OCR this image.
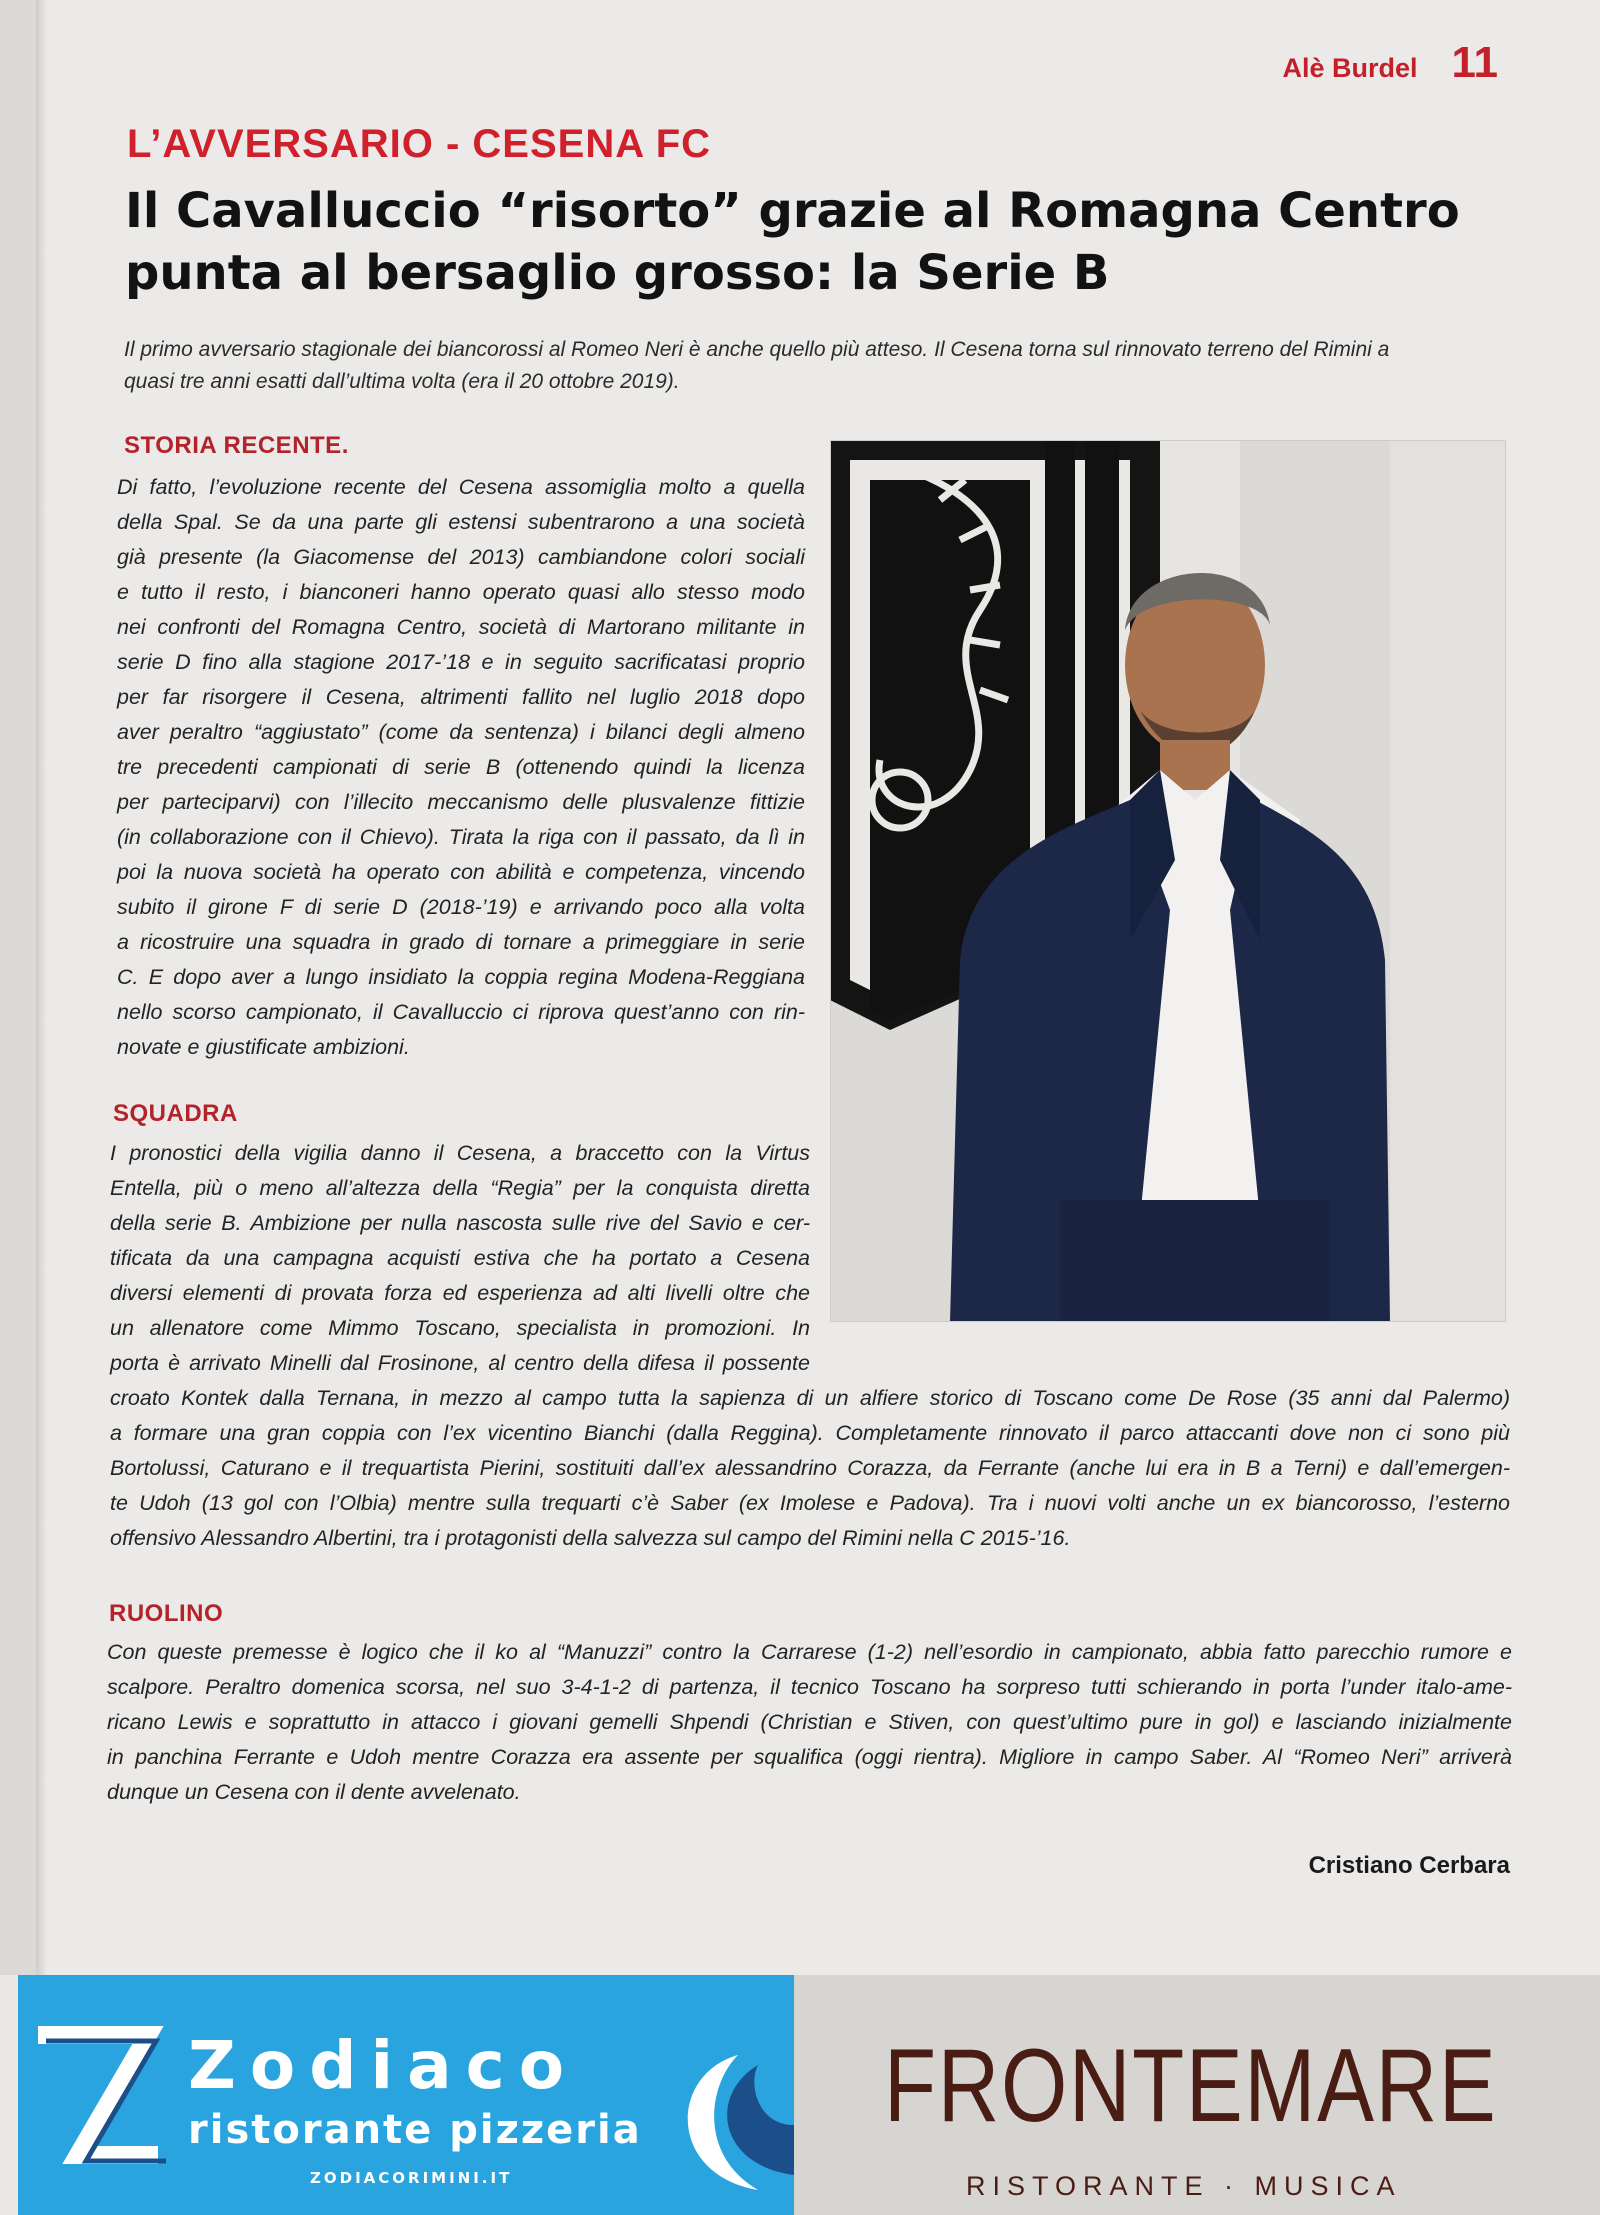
Alè Burdel 11
L’AVVERSARIO - CESENA FC
Il Cavalluccio “risorto” grazie al Romagna Centro
punta al bersaglio grosso: la Serie B
Il primo avversario stagionale dei biancorossi al Romeo Neri è anche quello più atteso. Il Cesena torna sul rinnovato terreno del Rimini a
quasi tre anni esatti dall’ultima volta (era il 20 ottobre 2019).
STORIA RECENTE.
Di fatto, l’evoluzione recente del Cesena assomiglia molto a quella
della Spal. Se da una parte gli estensi subentrarono a una società
già presente (la Giacomense del 2013) cambiandone colori sociali
e tutto il resto, i bianconeri hanno operato quasi allo stesso modo
nei confronti del Romagna Centro, società di Martorano militante in
serie D fino alla stagione 2017-’18 e in seguito sacrificatasi proprio
per far risorgere il Cesena, altrimenti fallito nel luglio 2018 dopo
aver peraltro “aggiustato” (come da sentenza) i bilanci degli almeno
tre precedenti campionati di serie B (ottenendo quindi la licenza
per parteciparvi) con l’illecito meccanismo delle plusvalenze fittizie
(in collaborazione con il Chievo). Tirata la riga con il passato, da lì in
poi la nuova società ha operato con abilità e competenza, vincendo
subito il girone F di serie D (2018-’19) e arrivando poco alla volta
a ricostruire una squadra in grado di tornare a primeggiare in serie
C. E dopo aver a lungo insidiato la coppia regina Modena-Reggiana
nello scorso campionato, il Cavalluccio ci riprova quest’anno con rin-
novate e giustificate ambizioni.
SQUADRA
I pronostici della vigilia danno il Cesena, a braccetto con la Virtus
Entella, più o meno all’altezza della “Regia” per la conquista diretta
della serie B. Ambizione per nulla nascosta sulle rive del Savio e cer-
tificata da una campagna acquisti estiva che ha portato a Cesena
diversi elementi di provata forza ed esperienza ad alti livelli oltre che
un allenatore come Mimmo Toscano, specialista in promozioni. In
porta è arrivato Minelli dal Frosinone, al centro della difesa il possente
croato Kontek dalla Ternana, in mezzo al campo tutta la sapienza di un alfiere storico di Toscano come De Rose (35 anni dal Palermo)
a formare una gran coppia con l’ex vicentino Bianchi (dalla Reggina). Completamente rinnovato il parco attaccanti dove non ci sono più
Bortolussi, Caturano e il trequartista Pierini, sostituiti dall’ex alessandrino Corazza, da Ferrante (anche lui era in B a Terni) e dall’emergen-
te Udoh (13 gol con l’Olbia) mentre sulla trequarti c’è Saber (ex Imolese e Padova). Tra i nuovi volti anche un ex biancorosso, l’esterno
offensivo Alessandro Albertini, tra i protagonisti della salvezza sul campo del Rimini nella C 2015-’16.
RUOLINO
Con queste premesse è logico che il ko al “Manuzzi” contro la Carrarese (1-2) nell’esordio in campionato, abbia fatto parecchio rumore e
scalpore. Peraltro domenica scorsa, nel suo 3-4-1-2 di partenza, il tecnico Toscano ha sorpreso tutti schierando in porta l’under italo-ame-
ricano Lewis e soprattutto in attacco i giovani gemelli Shpendi (Christian e Stiven, con quest’ultimo pure in gol) e lasciando inizialmente
in panchina Ferrante e Udoh mentre Corazza era assente per squalifica (oggi rientra). Migliore in campo Saber. Al “Romeo Neri” arriverà
dunque un Cesena con il dente avvelenato.
Cristiano Cerbara
Zodiaco
ristorante pizzeria
ZODIACORIMINI.IT
FRONTEMARE
RISTORANTE · MUSICA
